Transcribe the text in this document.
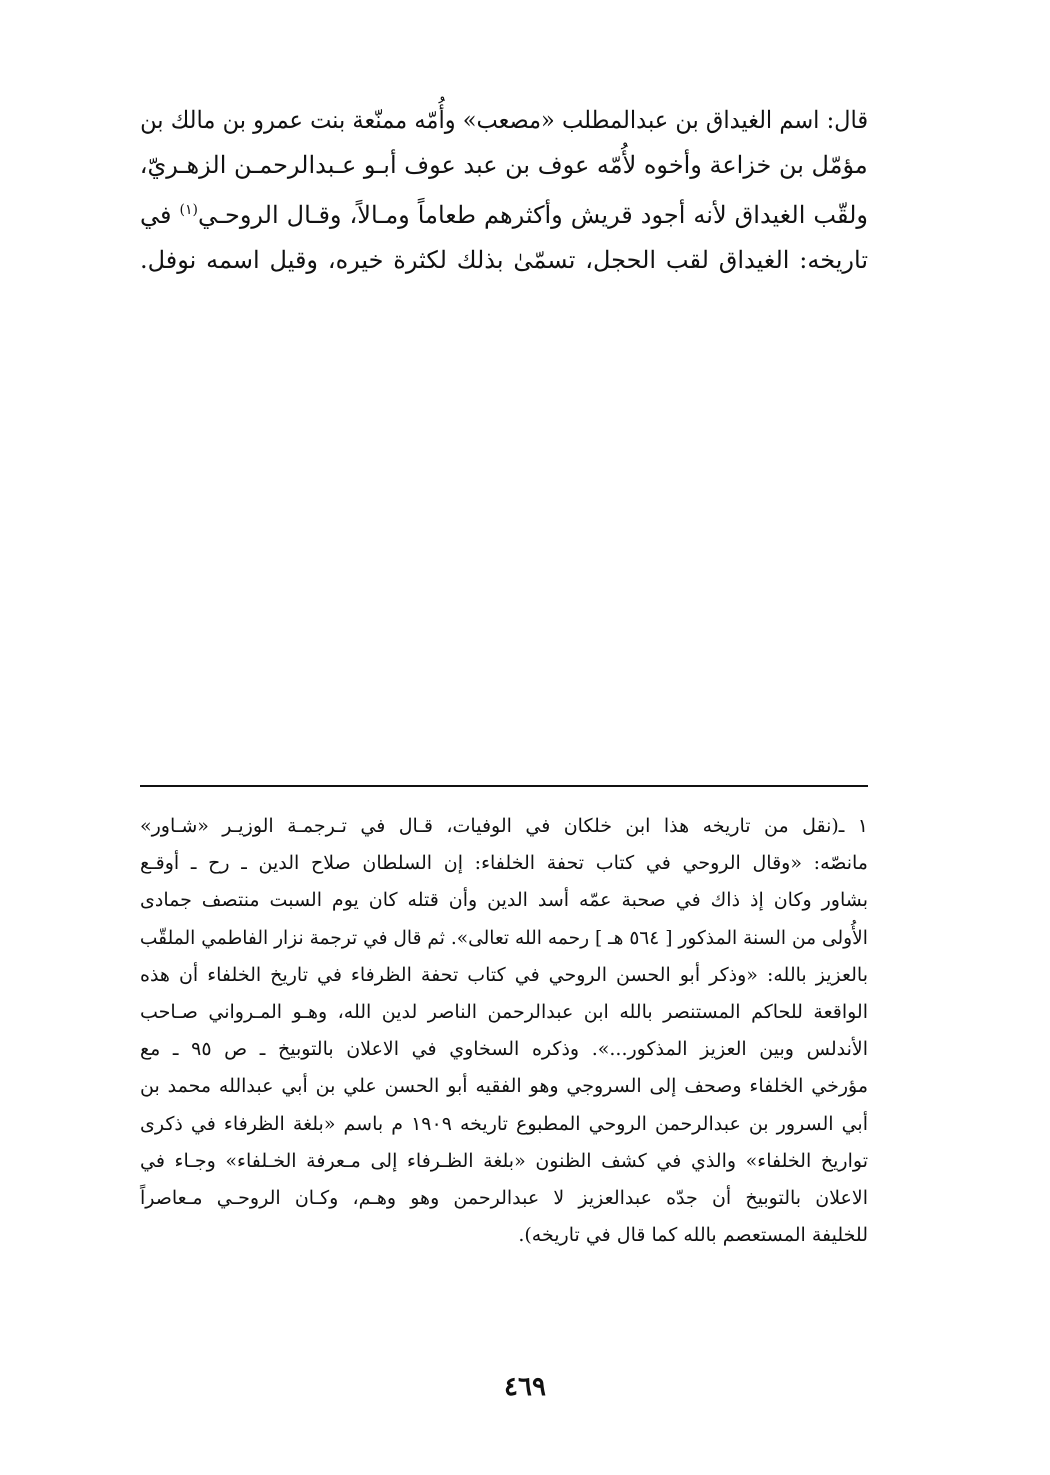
قال: اسم الغيداق بن عبدالمطلب «مصعب» وأُمّه ممنّعة بنت عمرو بن مالك بن
مؤمّل بن خزاعة وأخوه لأُمّه عوف بن عبد عوف أبـو عـبدالرحمـن الزهـريّ،
ولقّب الغيداق لأنه أجود قريش وأكثرهم طعاماً ومـالاً، وقـال الروحـي$^{(١)}$ في
تاريخه: الغيداق لقب الحجل، تسمّىٰ بذلك لكثرة خيره، وقيل اسمه نوفل.
١ ـ(نقل من تاريخه هذا ابن خلكان في الوفيات، قـال في تـرجمـة الوزيـر «شـاور»
مانصّه: «وقال الروحي في كتاب تحفة الخلفاء: إن السلطان صلاح الدين ـ رح ـ أوقـع
بشاور وكان إذ ذاك في صحبة عمّه أسد الدين وأن قتله كان يوم السبت منتصف جمادى
الأُولى من السنة المذكور [ ٥٦٤ هـ ] رحمه الله تعالى». ثم قال في ترجمة نزار الفاطمي الملقّب
بالعزيز بالله: «وذكر أبو الحسن الروحي في كتاب تحفة الظرفاء في تاريخ الخلفاء أن هذه
الواقعة للحاكم المستنصر بالله ابن عبدالرحمن الناصر لدين الله، وهـو المـرواني صـاحب
الأندلس وبين العزيز المذكور...». وذكره السخاوي في الاعلان بالتوبيخ ـ ص ٩٥ ـ مع
مؤرخي الخلفاء وصحف إلى السروجي وهو الفقيه أبو الحسن علي بن أبي عبدالله محمد بن
أبي السرور بن عبدالرحمن الروحي المطبوع تاريخه ١٩٠٩ م باسم «بلغة الظرفاء في ذكرى
تواريخ الخلفاء» والذي في كشف الظنون «بلغة الظـرفاء إلى مـعرفة الخـلفاء» وجـاء في
الاعلان بالتوبيخ أن جدّه عبدالعزيز لا عبدالرحمن وهو وهـم، وكـان الروحـي مـعاصراً
للخليفة المستعصم بالله كما قال في تاريخه).
٤٦٩
